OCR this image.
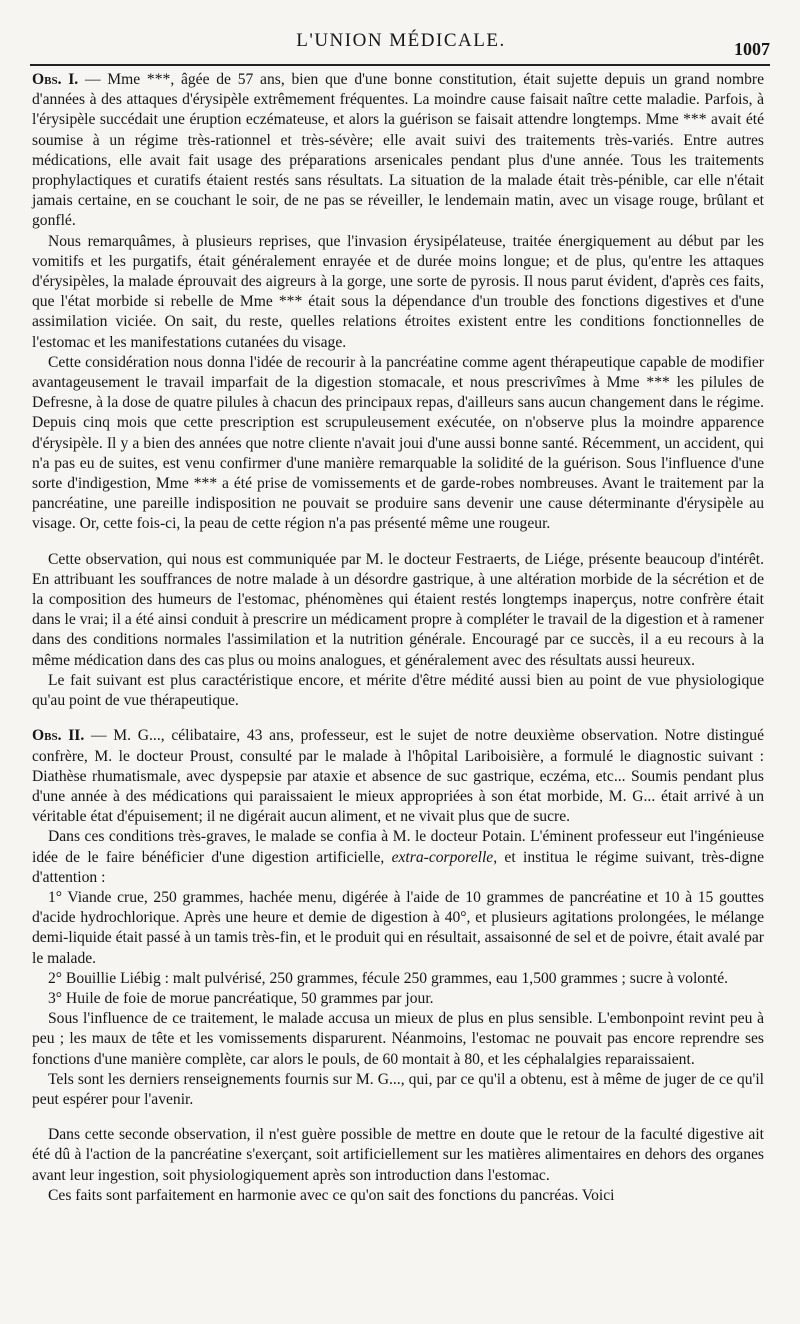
L'UNION MÉDICALE.	1007

Obs. I. — Mme ***, âgée de 57 ans, bien que d'une bonne constitution, était sujette depuis un grand nombre d'années à des attaques d'érysipèle extrêmement fréquentes. La moindre cause faisait naître cette maladie. Parfois, à l'érysipèle succédait une éruption eczémateuse, et alors la guérison se faisait attendre longtemps. Mme *** avait été soumise à un régime très-rationnel et très-sévère; elle avait suivi des traitements très-variés. Entre autres médications, elle avait fait usage des préparations arsenicales pendant plus d'une année. Tous les traitements prophylactiques et curatifs étaient restés sans résultats. La situation de la malade était très-pénible, car elle n'était jamais certaine, en se couchant le soir, de ne pas se réveiller, le lendemain matin, avec un visage rouge, brûlant et gonflé.

Nous remarquâmes, à plusieurs reprises, que l'invasion érysipélateuse, traitée énergiquement au début par les vomitifs et les purgatifs, était généralement enrayée et de durée moins longue; et de plus, qu'entre les attaques d'érysipèles, la malade éprouvait des aigreurs à la gorge, une sorte de pyrosis. Il nous parut évident, d'après ces faits, que l'état morbide si rebelle de Mme *** était sous la dépendance d'un trouble des fonctions digestives et d'une assimilation viciée. On sait, du reste, quelles relations étroites existent entre les conditions fonctionnelles de l'estomac et les manifestations cutanées du visage.

Cette considération nous donna l'idée de recourir à la pancréatine comme agent thérapeutique capable de modifier avantageusement le travail imparfait de la digestion stomacale, et nous prescrivîmes à Mme *** les pilules de Defresne, à la dose de quatre pilules à chacun des principaux repas, d'ailleurs sans aucun changement dans le régime. Depuis cinq mois que cette prescription est scrupuleusement exécutée, on n'observe plus la moindre apparence d'érysipèle. Il y a bien des années que notre cliente n'avait joui d'une aussi bonne santé. Récemment, un accident, qui n'a pas eu de suites, est venu confirmer d'une manière remarquable la solidité de la guérison. Sous l'influence d'une sorte d'indigestion, Mme *** a été prise de vomissements et de garde-robes nombreuses. Avant le traitement par la pancréatine, une pareille indisposition ne pouvait se produire sans devenir une cause déterminante d'érysipèle au visage. Or, cette fois-ci, la peau de cette région n'a pas présenté même une rougeur.

Cette observation, qui nous est communiquée par M. le docteur Festraerts, de Liége, présente beaucoup d'intérêt. En attribuant les souffrances de notre malade à un désordre gastrique, à une altération morbide de la sécrétion et de la composition des humeurs de l'estomac, phénomènes qui étaient restés longtemps inaperçus, notre confrère était dans le vrai; il a été ainsi conduit à prescrire un médicament propre à compléter le travail de la digestion et à ramener dans des conditions normales l'assimilation et la nutrition générale. Encouragé par ce succès, il a eu recours à la même médication dans des cas plus ou moins analogues, et généralement avec des résultats aussi heureux.

Le fait suivant est plus caractéristique encore, et mérite d'être médité aussi bien au point de vue physiologique qu'au point de vue thérapeutique.

Obs. II. — M. G..., célibataire, 43 ans, professeur, est le sujet de notre deuxième observation. Notre distingué confrère, M. le docteur Proust, consulté par le malade à l'hôpital Lariboisière, a formulé le diagnostic suivant : Diathèse rhumatismale, avec dyspepsie par ataxie et absence de suc gastrique, eczéma, etc... Soumis pendant plus d'une année à des médications qui paraissaient le mieux appropriées à son état morbide, M. G... était arrivé à un véritable état d'épuisement; il ne digérait aucun aliment, et ne vivait plus que de sucre.

Dans ces conditions très-graves, le malade se confia à M. le docteur Potain. L'éminent professeur eut l'ingénieuse idée de le faire bénéficier d'une digestion artificielle, extra-corporelle, et institua le régime suivant, très-digne d'attention :

1° Viande crue, 250 grammes, hachée menu, digérée à l'aide de 10 grammes de pancréatine et 10 à 15 gouttes d'acide hydrochlorique. Après une heure et demie de digestion à 40°, et plusieurs agitations prolongées, le mélange demi-liquide était passé à un tamis très-fin, et le produit qui en résultait, assaisonné de sel et de poivre, était avalé par le malade.

2° Bouillie Liébig : malt pulvérisé, 250 grammes, fécule 250 grammes, eau 1,500 grammes ; sucre à volonté.

3° Huile de foie de morue pancréatique, 50 grammes par jour.

Sous l'influence de ce traitement, le malade accusa un mieux de plus en plus sensible. L'embonpoint revint peu à peu ; les maux de tête et les vomissements disparurent. Néanmoins, l'estomac ne pouvait pas encore reprendre ses fonctions d'une manière complète, car alors le pouls, de 60 montait à 80, et les céphalalgies reparaissaient.

Tels sont les derniers renseignements fournis sur M. G..., qui, par ce qu'il a obtenu, est à même de juger de ce qu'il peut espérer pour l'avenir.

Dans cette seconde observation, il n'est guère possible de mettre en doute que le retour de la faculté digestive ait été dû à l'action de la pancréatine s'exerçant, soit artificiellement sur les matières alimentaires en dehors des organes avant leur ingestion, soit physiologiquement après son introduction dans l'estomac.

Ces faits sont parfaitement en harmonie avec ce qu'on sait des fonctions du pancréas. Voici
